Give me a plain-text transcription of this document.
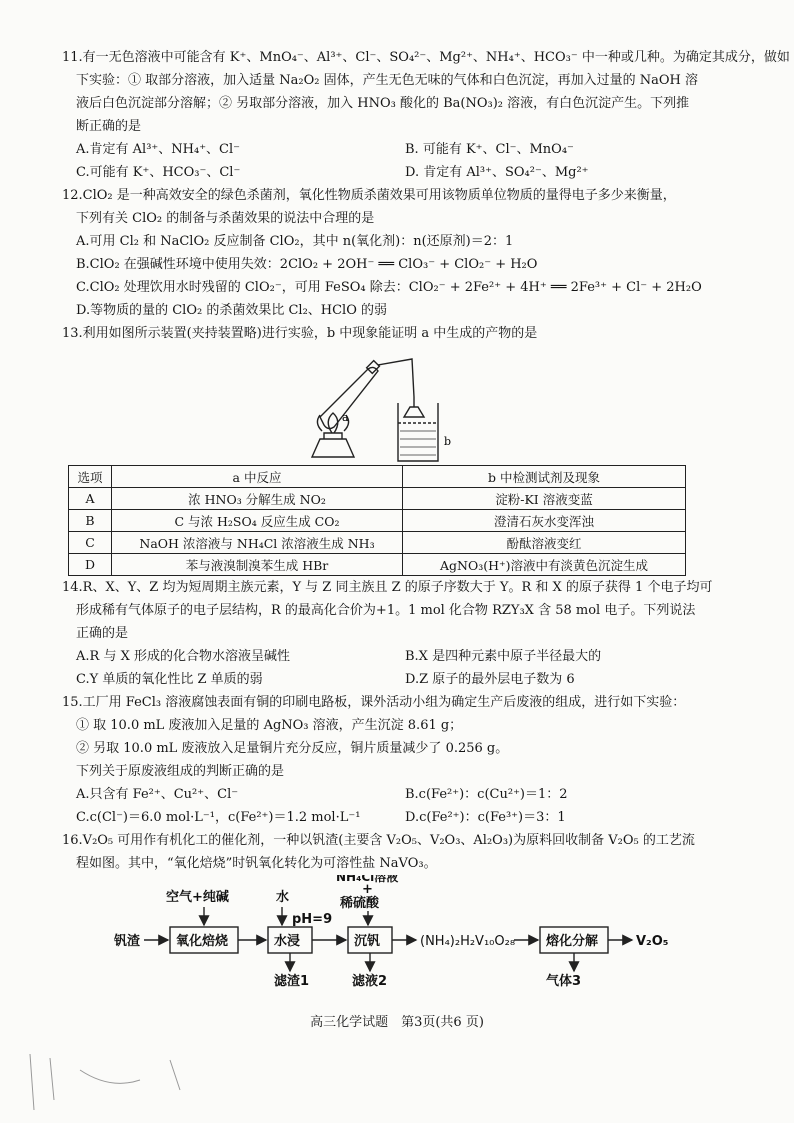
11.有一无色溶液中可能含有 K⁺、MnO₄⁻、Al³⁺、Cl⁻、SO₄²⁻、Mg²⁺、NH₄⁺、HCO₃⁻ 中一种或几种。为确定其成分，做如
下实验：① 取部分溶液，加入适量 Na₂O₂ 固体，产生无色无味的气体和白色沉淀，再加入过量的 NaOH 溶
液后白色沉淀部分溶解；② 另取部分溶液，加入 HNO₃ 酸化的 Ba(NO₃)₂ 溶液，有白色沉淀产生。下列推
断正确的是
A.肯定有 Al³⁺、NH₄⁺、Cl⁻	B. 可能有 K⁺、Cl⁻、MnO₄⁻
C.可能有 K⁺、HCO₃⁻、Cl⁻	D. 肯定有 Al³⁺、SO₄²⁻、Mg²⁺
12.ClO₂ 是一种高效安全的绿色杀菌剂，氧化性物质杀菌效果可用该物质单位物质的量得电子多少来衡量，
下列有关 ClO₂ 的制备与杀菌效果的说法中合理的是
A.可用 Cl₂ 和 NaClO₂ 反应制备 ClO₂，其中 n(氧化剂)：n(还原剂)＝2：1
B.ClO₂ 在强碱性环境中使用失效：2ClO₂ + 2OH⁻ ══ ClO₃⁻ + ClO₂⁻ + H₂O
C.ClO₂ 处理饮用水时残留的 ClO₂⁻，可用 FeSO₄ 除去：ClO₂⁻ + 2Fe²⁺ + 4H⁺ ══ 2Fe³⁺ + Cl⁻ + 2H₂O
D.等物质的量的 ClO₂ 的杀菌效果比 Cl₂、HClO 的弱
13.利用如图所示装置(夹持装置略)进行实验，b 中现象能证明 a 中生成的产物的是
a
b
选项	a 中反应	b 中检测试剂及现象
A	浓 HNO₃ 分解生成 NO₂	淀粉-KI 溶液变蓝
B	C 与浓 H₂SO₄ 反应生成 CO₂	澄清石灰水变浑浊
C	NaOH 浓溶液与 NH₄Cl 浓溶液生成 NH₃	酚酞溶液变红
D	苯与液溴制溴苯生成 HBr	AgNO₃(H⁺)溶液中有淡黄色沉淀生成
14.R、X、Y、Z 均为短周期主族元素，Y 与 Z 同主族且 Z 的原子序数大于 Y。R 和 X 的原子获得 1 个电子均可
形成稀有气体原子的电子层结构，R 的最高化合价为+1。1 mol 化合物 RZY₃X 含 58 mol 电子。下列说法
正确的是
A.R 与 X 形成的化合物水溶液呈碱性	B.X 是四种元素中原子半径最大的
C.Y 单质的氧化性比 Z 单质的弱	D.Z 原子的最外层电子数为 6
15.工厂用 FeCl₃ 溶液腐蚀表面有铜的印刷电路板，课外活动小组为确定生产后废液的组成，进行如下实验：
① 取 10.0 mL 废液加入足量的 AgNO₃ 溶液，产生沉淀 8.61 g；
② 另取 10.0 mL 废液放入足量铜片充分反应，铜片质量减少了 0.256 g。
下列关于原废液组成的判断正确的是
A.只含有 Fe²⁺、Cu²⁺、Cl⁻	B.c(Fe²⁺)：c(Cu²⁺)＝1：2
C.c(Cl⁻)＝6.0 mol·L⁻¹，c(Fe²⁺)＝1.2 mol·L⁻¹	D.c(Fe²⁺)：c(Fe³⁺)＝3：1
16.V₂O₅ 可用作有机化工的催化剂，一种以钒渣(主要含 V₂O₅、V₂O₃、Al₂O₃)为原料回收制备 V₂O₅ 的工艺流
程如图。其中，“氧化焙烧”时钒氧化转化为可溶性盐 NaVO₃。
钒渣
空气+纯碱
氧化焙烧
水
pH=9
水浸
滤渣1
NH₄Cl溶液
+
稀硫酸
沉钒
滤液2
(NH₄)₂H₂V₁₀O₂₈ 熔化分解
气体3
V₂O₅
高三化学试题　第3页(共6 页)
